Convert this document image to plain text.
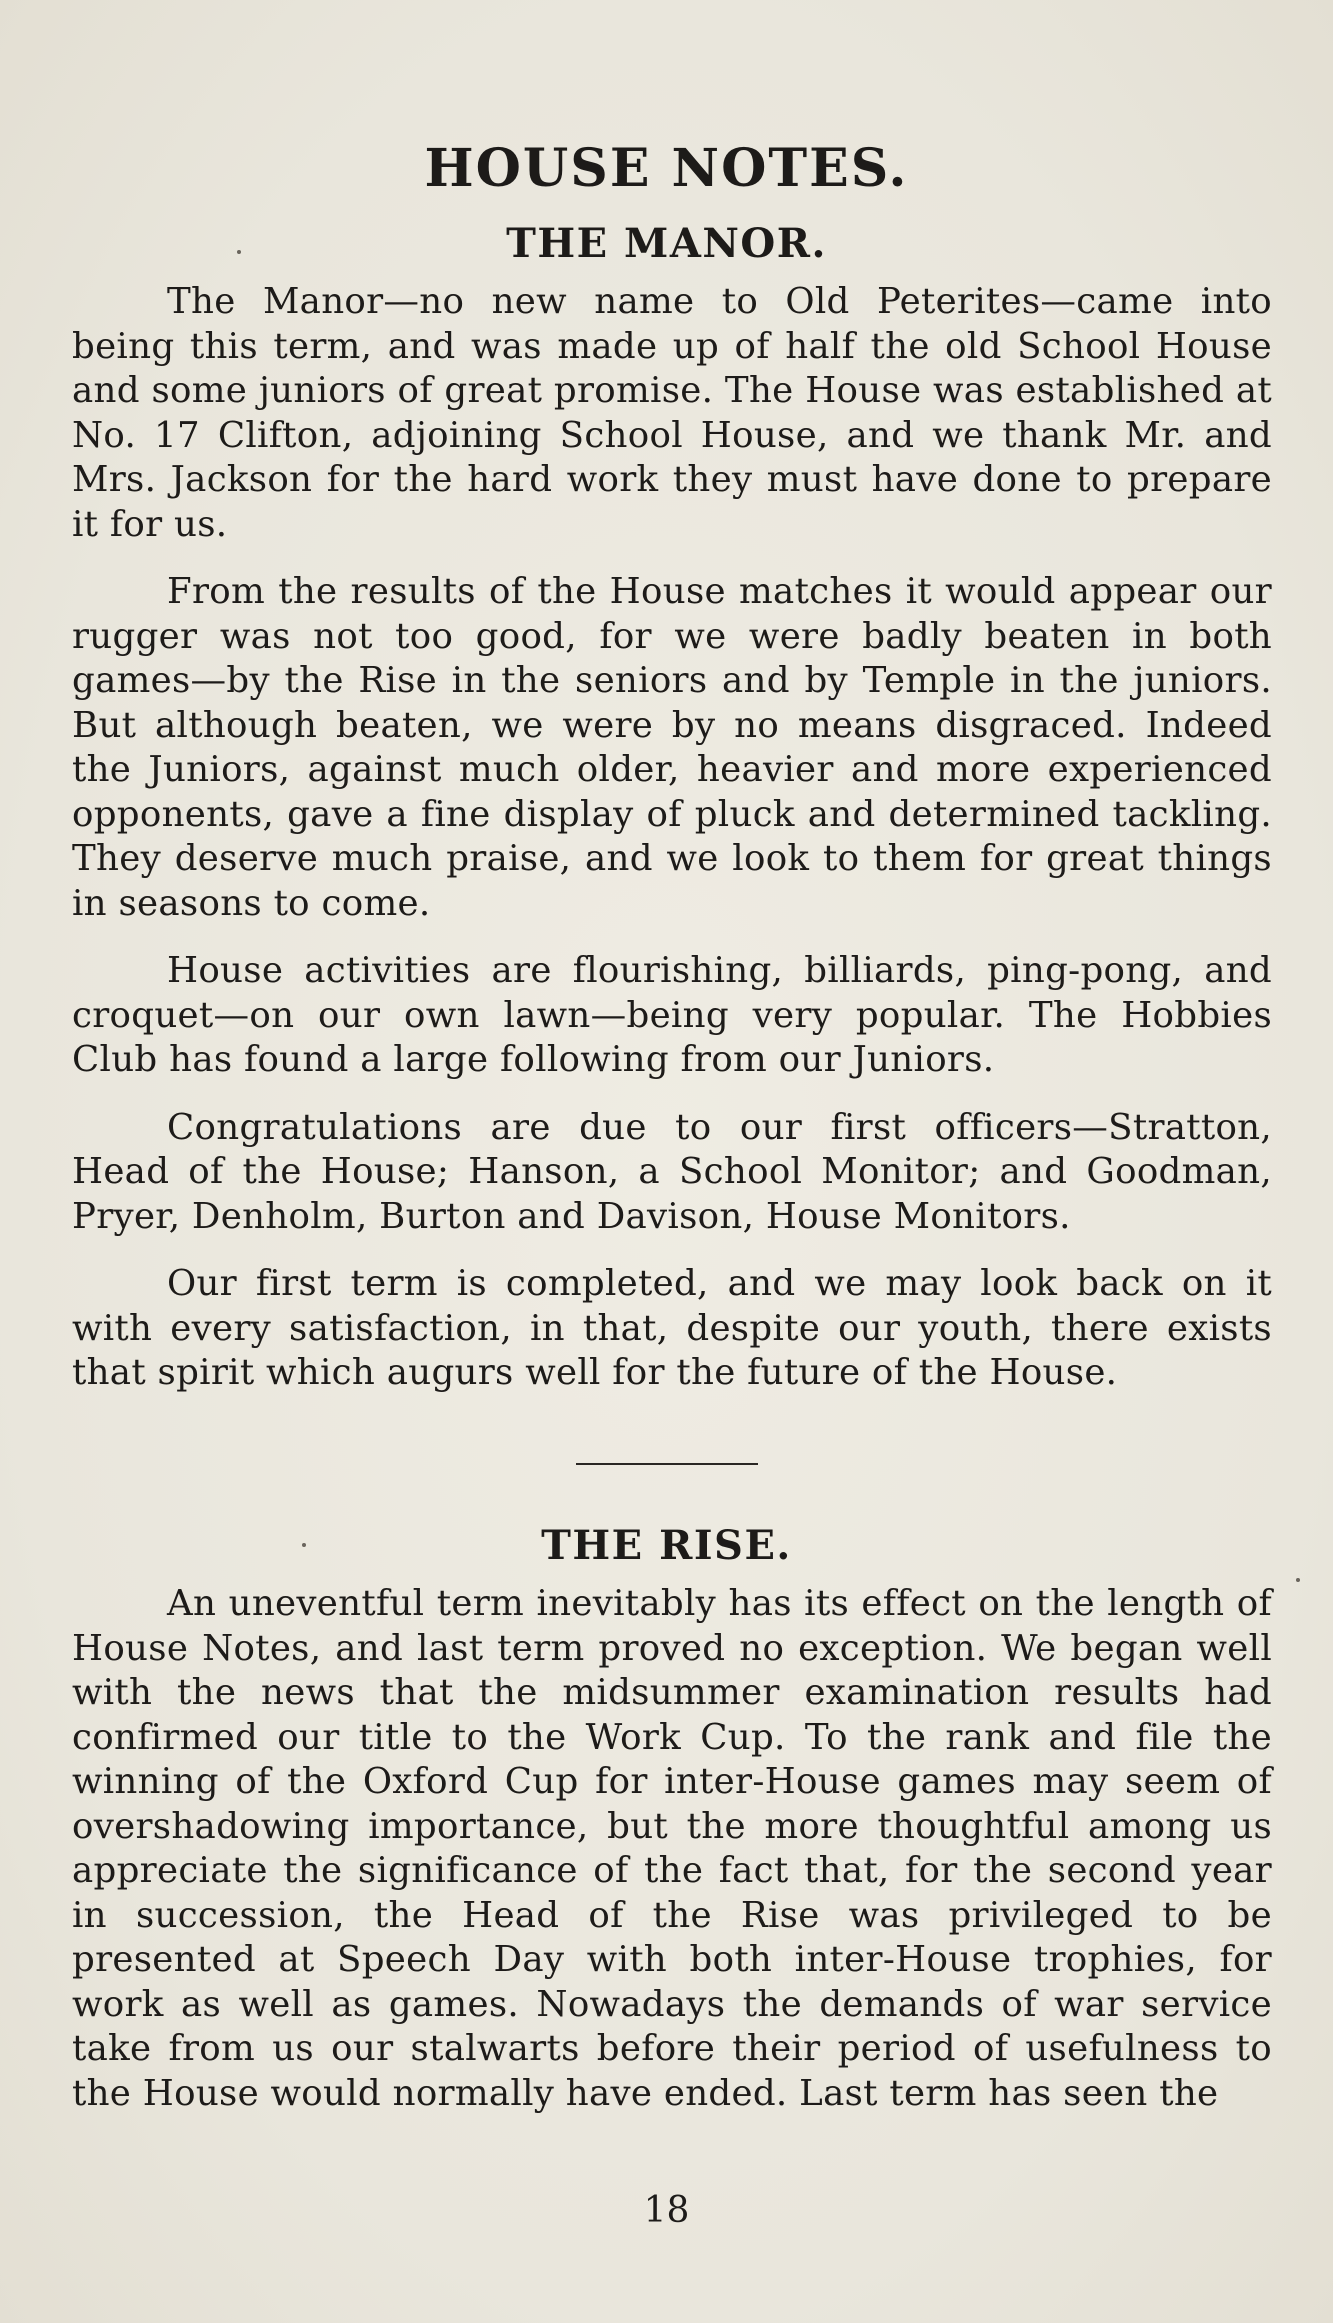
HOUSE NOTES.
THE MANOR.

The Manor—no new name to Old Peterites—came into being this term, and was made up of half the old School House and some juniors of great promise. The House was established at No. 17 Clifton, adjoining School House, and we thank Mr. and Mrs. Jackson for the hard work they must have done to prepare it for us.

From the results of the House matches it would appear our rugger was not too good, for we were badly beaten in both games—by the Rise in the seniors and by Temple in the juniors. But although beaten, we were by no means disgraced. Indeed the Juniors, against much older, heavier and more experienced opponents, gave a fine display of pluck and determined tackling. They deserve much praise, and we look to them for great things in seasons to come.

House activities are flourishing, billiards, ping-pong, and croquet—on our own lawn—being very popular. The Hobbies Club has found a large following from our Juniors.

Congratulations are due to our first officers—Stratton, Head of the House; Hanson, a School Monitor; and Goodman, Pryer, Denholm, Burton and Davison, House Monitors.

Our first term is completed, and we may look back on it with every satisfaction, in that, despite our youth, there exists that spirit which augurs well for the future of the House.

THE RISE.

An uneventful term inevitably has its effect on the length of House Notes, and last term proved no exception. We began well with the news that the midsummer examination results had confirmed our title to the Work Cup. To the rank and file the winning of the Oxford Cup for inter-House games may seem of overshadowing importance, but the more thoughtful among us appreciate the significance of the fact that, for the second year in succession, the Head of the Rise was privileged to be presented at Speech Day with both inter-House trophies, for work as well as games. Nowadays the demands of war service take from us our stalwarts before their period of usefulness to the House would normally have ended. Last term has seen the

18
